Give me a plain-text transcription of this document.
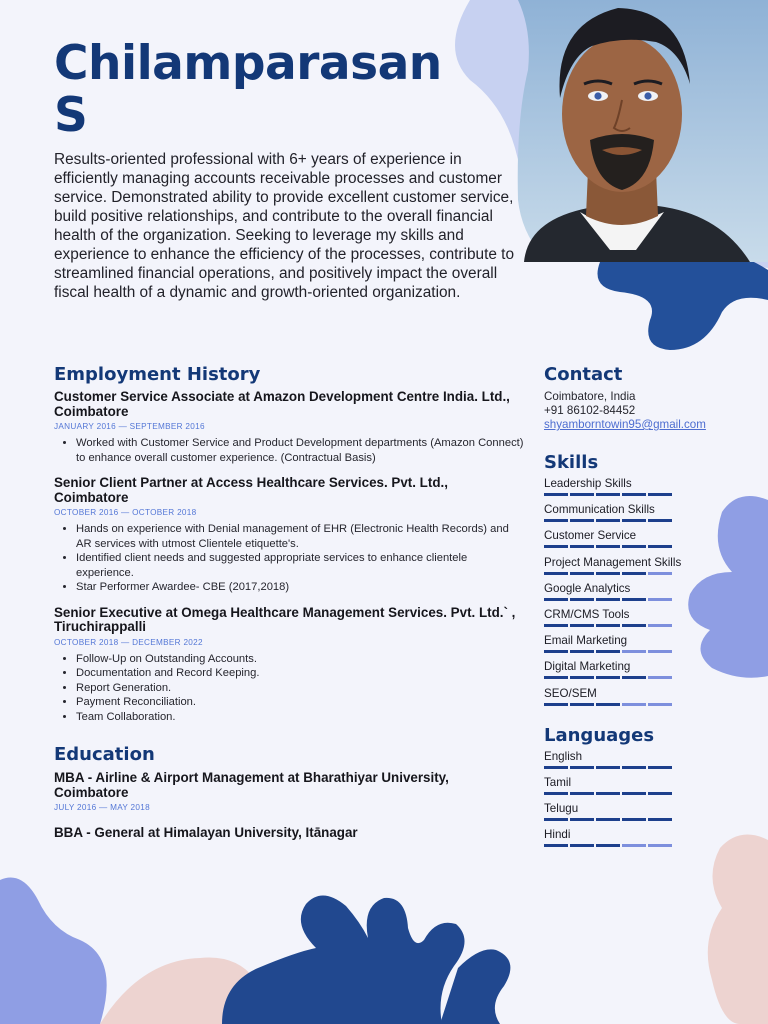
Chilamparasan
S

Results-oriented professional with 6+ years of experience in efficiently managing accounts receivable processes and customer service. Demonstrated ability to provide excellent customer service, build positive relationships, and contribute to the overall financial health of the organization. Seeking to leverage my skills and experience to enhance the efficiency of the processes, contribute to streamlined financial operations, and positively impact the overall fiscal health of a dynamic and growth-oriented organization.

Employment History

Customer Service Associate at Amazon Development Centre India. Ltd., Coimbatore

JANUARY 2016 — SEPTEMBER 2016

• Worked with Customer Service and Product Development departments (Amazon Connect) to enhance overall customer experience. (Contractual Basis)

Senior Client Partner at Access Healthcare Services. Pvt. Ltd., Coimbatore

OCTOBER 2016 — OCTOBER 2018

• Hands on experience with Denial management of EHR (Electronic Health Records) and AR services with utmost Clientele etiquette's.
• Identified client needs and suggested appropriate services to enhance clientele experience.
• Star Performer Awardee- CBE (2017,2018)

Senior Executive at Omega Healthcare Management Services. Pvt. Ltd.` , Tiruchirappalli

OCTOBER 2018 — DECEMBER 2022

• Follow-Up on Outstanding Accounts.
• Documentation and Record Keeping.
• Report Generation.
• Payment Reconciliation.
• Team Collaboration.
Education

MBA - Airline & Airport Management at Bharathiyar University, Coimbatore

JULY 2016 — MAY 2018

BBA - General at Himalayan University, Itānagar

Contact

Coimbatore, India

+91 86102-84452

shyamborntowin95@gmail.com

Skills

Leadership Skills

Communication Skills

Customer Service

Project Management Skills

Google Analytics

CRM/CMS Tools

Email Marketing

Digital Marketing

SEO/SEM

Languages

English

Tamil

Telugu

Hindi
